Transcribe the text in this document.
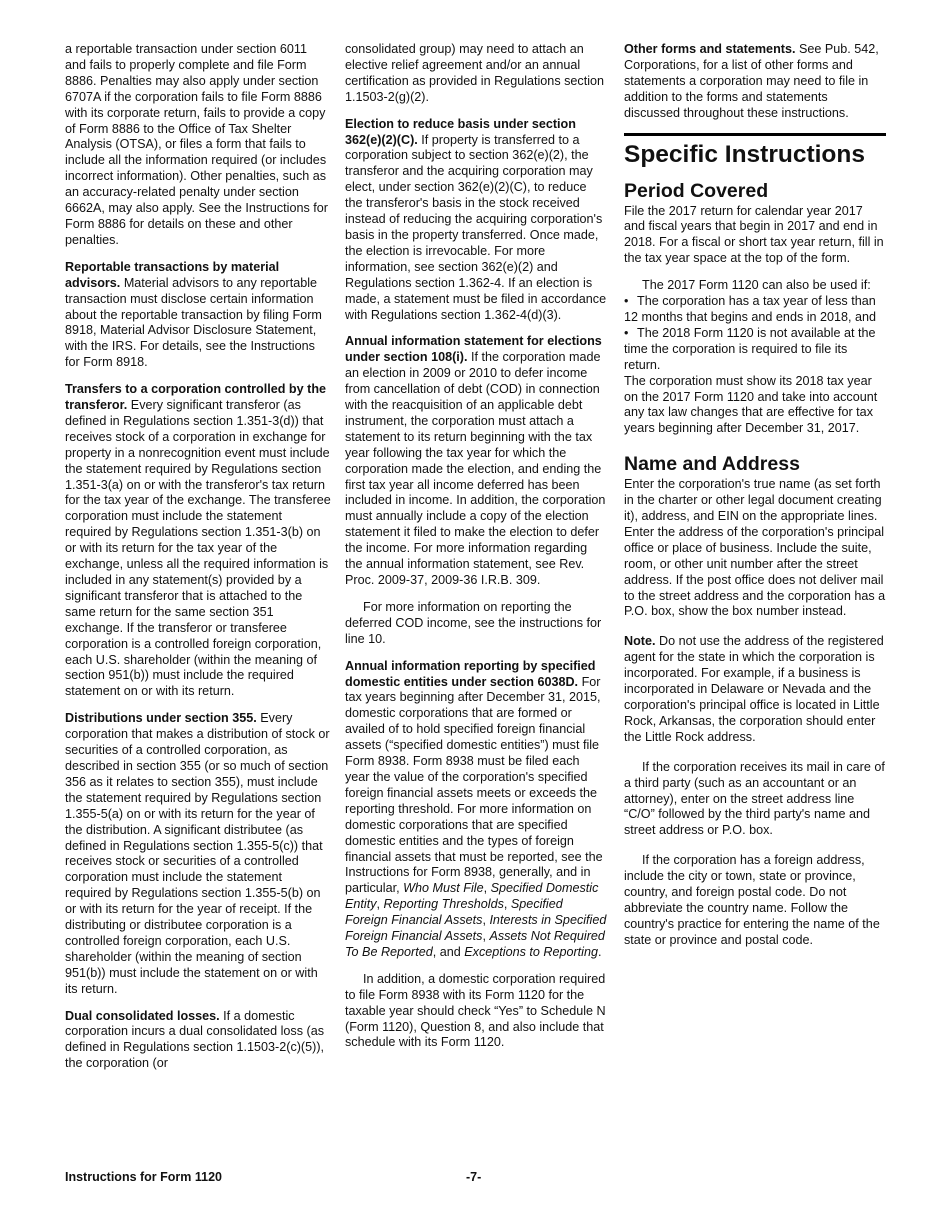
a reportable transaction under section 6011 and fails to properly complete and file Form 8886. Penalties may also apply under section 6707A if the corporation fails to file Form 8886 with its corporate return, fails to provide a copy of Form 8886 to the Office of Tax Shelter Analysis (OTSA), or files a form that fails to include all the information required (or includes incorrect information). Other penalties, such as an accuracy-related penalty under section 6662A, may also apply. See the Instructions for Form 8886 for details on these and other penalties.

Reportable transactions by material advisors. Material advisors to any reportable transaction must disclose certain information about the reportable transaction by filing Form 8918, Material Advisor Disclosure Statement, with the IRS. For details, see the Instructions for Form 8918.

Transfers to a corporation controlled by the transferor. Every significant transferor (as defined in Regulations section 1.351-3(d)) that receives stock of a corporation in exchange for property in a nonrecognition event must include the statement required by Regulations section 1.351-3(a) on or with the transferor's tax return for the tax year of the exchange. The transferee corporation must include the statement required by Regulations section 1.351-3(b) on or with its return for the tax year of the exchange, unless all the required information is included in any statement(s) provided by a significant transferor that is attached to the same return for the same section 351 exchange. If the transferor or transferee corporation is a controlled foreign corporation, each U.S. shareholder (within the meaning of section 951(b)) must include the required statement on or with its return.

Distributions under section 355. Every corporation that makes a distribution of stock or securities of a controlled corporation, as described in section 355 (or so much of section 356 as it relates to section 355), must include the statement required by Regulations section 1.355-5(a) on or with its return for the year of the distribution. A significant distributee (as defined in Regulations section 1.355-5(c)) that receives stock or securities of a controlled corporation must include the statement required by Regulations section 1.355-5(b) on or with its return for the year of receipt. If the distributing or distributee corporation is a controlled foreign corporation, each U.S. shareholder (within the meaning of section 951(b)) must include the statement on or with its return.

Dual consolidated losses. If a domestic corporation incurs a dual consolidated loss (as defined in Regulations section 1.1503-2(c)(5)), the corporation (or

consolidated group) may need to attach an elective relief agreement and/or an annual certification as provided in Regulations section 1.1503-2(g)(2).

Election to reduce basis under section 362(e)(2)(C). If property is transferred to a corporation subject to section 362(e)(2), the transferor and the acquiring corporation may elect, under section 362(e)(2)(C), to reduce the transferor's basis in the stock received instead of reducing the acquiring corporation's basis in the property transferred. Once made, the election is irrevocable. For more information, see section 362(e)(2) and Regulations section 1.362-4. If an election is made, a statement must be filed in accordance with Regulations section 1.362-4(d)(3).

Annual information statement for elections under section 108(i). If the corporation made an election in 2009 or 2010 to defer income from cancellation of debt (COD) in connection with the reacquisition of an applicable debt instrument, the corporation must attach a statement to its return beginning with the tax year following the tax year for which the corporation made the election, and ending the first tax year all income deferred has been included in income. In addition, the corporation must annually include a copy of the election statement it filed to make the election to defer the income. For more information regarding the annual information statement, see Rev. Proc. 2009-37, 2009-36 I.R.B. 309.

For more information on reporting the deferred COD income, see the instructions for line 10.

Annual information reporting by specified domestic entities under section 6038D. For tax years beginning after December 31, 2015, domestic corporations that are formed or availed of to hold specified foreign financial assets (“specified domestic entities”) must file Form 8938. Form 8938 must be filed each year the value of the corporation's specified foreign financial assets meets or exceeds the reporting threshold. For more information on domestic corporations that are specified domestic entities and the types of foreign financial assets that must be reported, see the Instructions for Form 8938, generally, and in particular, Who Must File, Specified Domestic Entity, Reporting Thresholds, Specified Foreign Financial Assets, Interests in Specified Foreign Financial Assets, Assets Not Required To Be Reported, and Exceptions to Reporting.

In addition, a domestic corporation required to file Form 8938 with its Form 1120 for the taxable year should check “Yes” to Schedule N (Form 1120), Question 8, and also include that schedule with its Form 1120.

Other forms and statements. See Pub. 542, Corporations, for a list of other forms and statements a corporation may need to file in addition to the forms and statements discussed throughout these instructions.

Specific Instructions
Period Covered

File the 2017 return for calendar year 2017 and fiscal years that begin in 2017 and end in 2018. For a fiscal or short tax year return, fill in the tax year space at the top of the form.

The 2017 Form 1120 can also be used if:

• The corporation has a tax year of less than 12 months that begins and ends in 2018, and

• The 2018 Form 1120 is not available at the time the corporation is required to file its return.

The corporation must show its 2018 tax year on the 2017 Form 1120 and take into account any tax law changes that are effective for tax years beginning after December 31, 2017.

Name and Address

Enter the corporation's true name (as set forth in the charter or other legal document creating it), address, and EIN on the appropriate lines. Enter the address of the corporation's principal office or place of business. Include the suite, room, or other unit number after the street address. If the post office does not deliver mail to the street address and the corporation has a P.O. box, show the box number instead.

Note. Do not use the address of the registered agent for the state in which the corporation is incorporated. For example, if a business is incorporated in Delaware or Nevada and the corporation's principal office is located in Little Rock, Arkansas, the corporation should enter the Little Rock address.

If the corporation receives its mail in care of a third party (such as an accountant or an attorney), enter on the street address line “C/O” followed by the third party's name and street address or P.O. box.

If the corporation has a foreign address, include the city or town, state or province, country, and foreign postal code. Do not abbreviate the country name. Follow the country's practice for entering the name of the state or province and postal code.

Instructions for Form 1120	-7-
